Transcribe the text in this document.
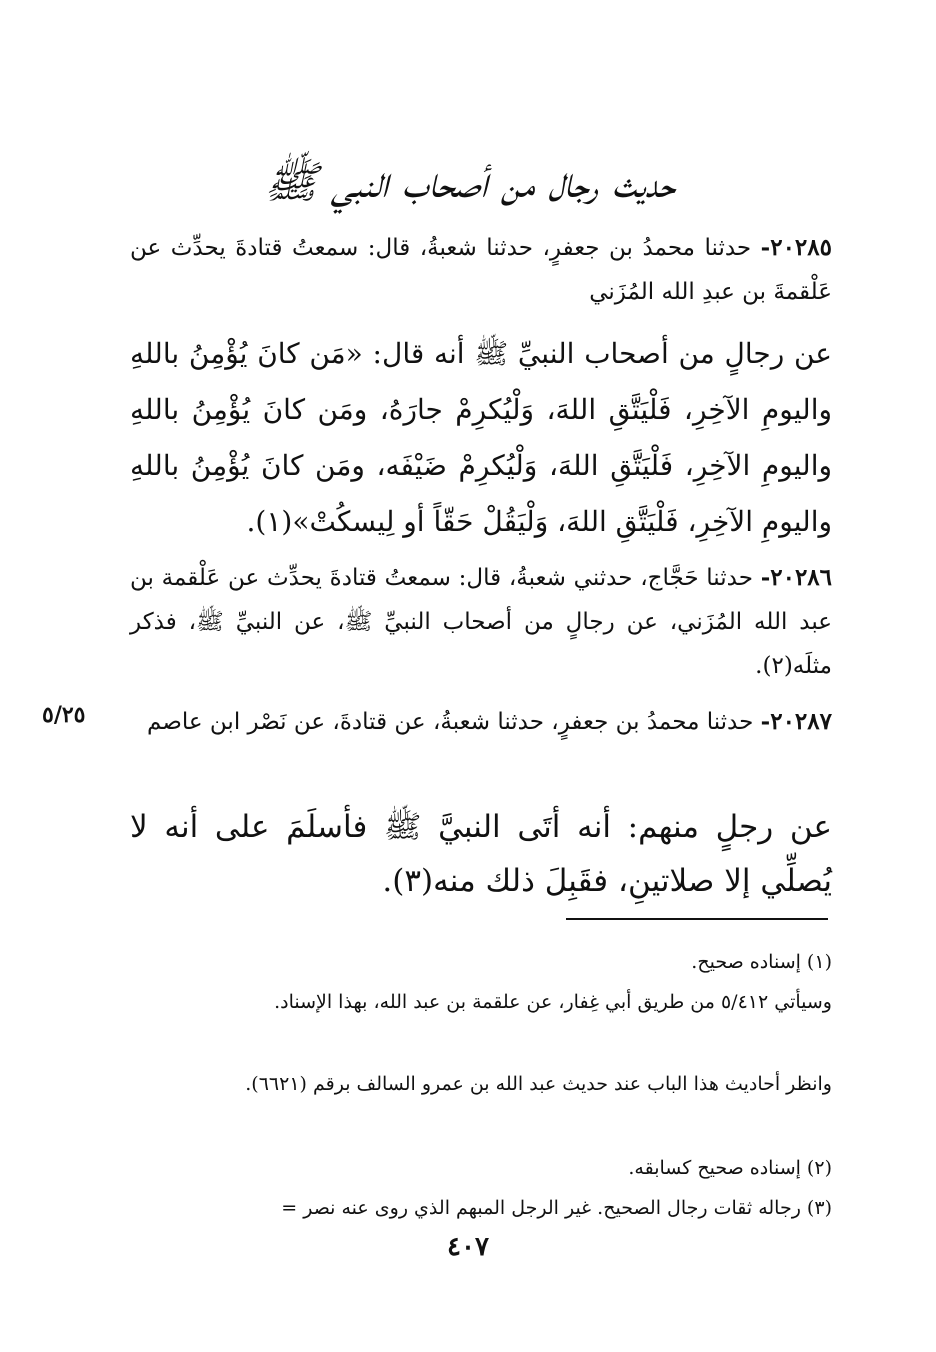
حديث رجال من أصحاب النبي ﷺ
٢٠٢٨٥- حدثنا محمدُ بن جعفرٍ، حدثنا شعبةُ، قال: سمعتُ قتادةَ يحدِّث عن عَلْقمةَ بن عبدِ الله المُزَني
عن رجالٍ من أصحاب النبيِّ ﷺ أنه قال: «مَن كانَ يُؤْمِنُ باللهِ واليومِ الآخِرِ، فَلْيَتَّقِ اللهَ، وَلْيُكرِمْ جارَهُ، ومَن كانَ يُؤْمِنُ باللهِ واليومِ الآخِرِ، فَلْيَتَّقِ اللهَ، وَلْيُكرِمْ ضَيْفَه، ومَن كانَ يُؤْمِنُ باللهِ واليومِ الآخِرِ، فَلْيَتَّقِ اللهَ، وَلْيَقُلْ حَقّاً أو لِيسكُتْ»(١).
٢٠٢٨٦- حدثنا حَجَّاج، حدثني شعبةُ، قال: سمعتُ قتادةَ يحدِّث عن عَلْقمة بن عبد الله المُزَني، عن رجالٍ من أصحاب النبيِّ ﷺ، عن النبيِّ ﷺ، فذكر مثلَه(٢).
٥/٢٥	٢٠٢٨٧- حدثنا محمدُ بن جعفرٍ، حدثنا شعبةُ، عن قتادةَ، عن نَصْر ابن عاصم
عن رجلٍ منهم: أنه أتَى النبيَّ ﷺ فأسلَمَ على أنه لا يُصلِّي إلا صلاتينِ، فقَبِلَ ذلك منه(٣).
(١) إسناده صحيح.
وسيأتي ٥/٤١٢ من طريق أبي غِفار، عن علقمة بن عبد الله، بهذا الإسناد.
وانظر أحاديث هذا الباب عند حديث عبد الله بن عمرو السالف برقم (٦٦٢١).
(٢) إسناده صحيح كسابقه.
(٣) رجاله ثقات رجال الصحيح. غير الرجل المبهم الذي روى عنه نصر =
٤٠٧
